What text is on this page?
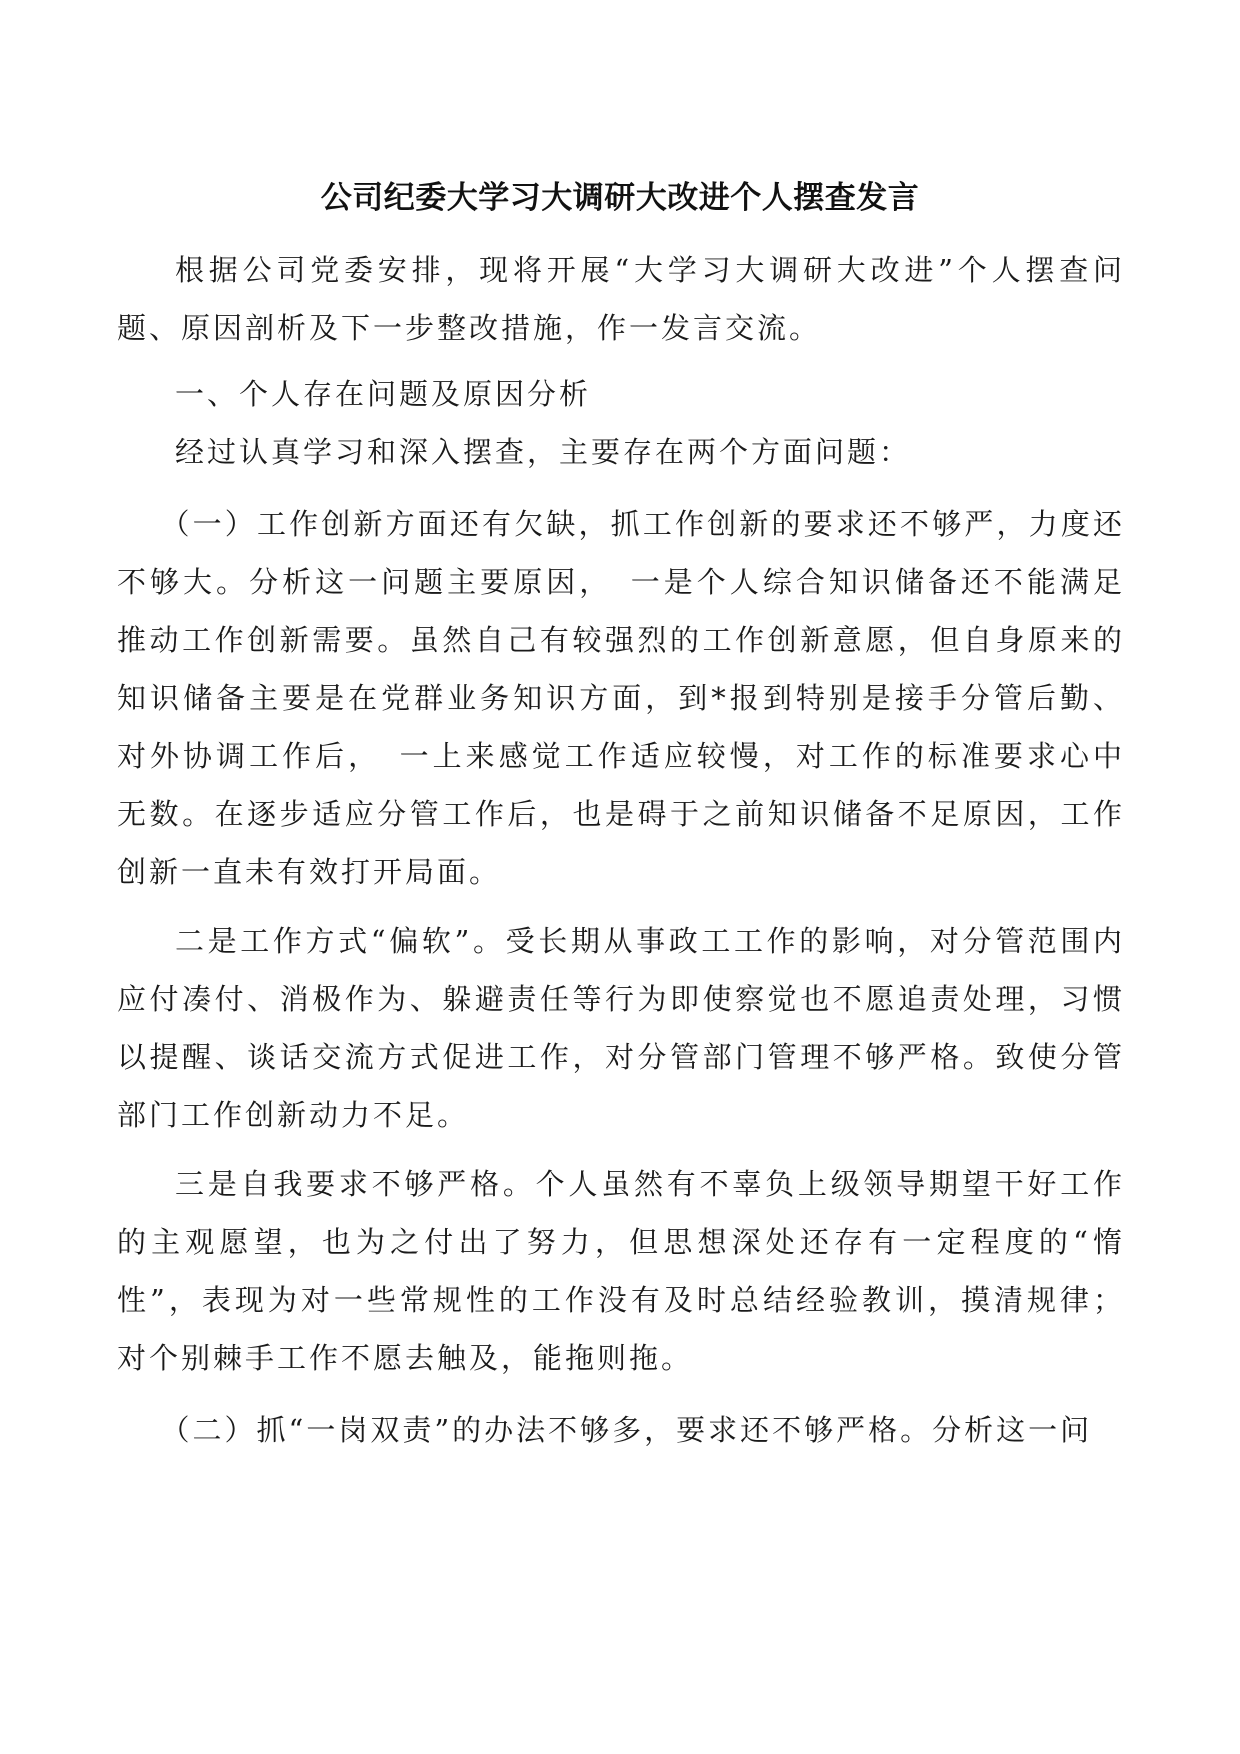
公司纪委大学习大调研大改进个人摆查发言

根据公司党委安排，现将开展“大学习大调研大改进”个人摆查问题、原因剖析及下一步整改措施，作一发言交流。

一、个人存在问题及原因分析

经过认真学习和深入摆查，主要存在两个方面问题：

（一）工作创新方面还有欠缺，抓工作创新的要求还不够严，力度还不够大。分析这一问题主要原因，　一是个人综合知识储备还不能满足推动工作创新需要。虽然自己有较强烈的工作创新意愿，但自身原来的知识储备主要是在党群业务知识方面，到*报到特别是接手分管后勤、对外协调工作后，　一上来感觉工作适应较慢，对工作的标准要求心中无数。在逐步适应分管工作后，也是碍于之前知识储备不足原因，工作创新一直未有效打开局面。

二是工作方式“偏软”。受长期从事政工工作的影响，对分管范围内应付凑付、消极作为、躲避责任等行为即使察觉也不愿追责处理，习惯以提醒、谈话交流方式促进工作，对分管部门管理不够严格。致使分管部门工作创新动力不足。

三是自我要求不够严格。个人虽然有不辜负上级领导期望干好工作的主观愿望，也为之付出了努力，但思想深处还存有一定程度的“惰性”，表现为对一些常规性的工作没有及时总结经验教训，摸清规律；对个别棘手工作不愿去触及，能拖则拖。

（二）抓“一岗双责”的办法不够多，要求还不够严格。分析这一问
